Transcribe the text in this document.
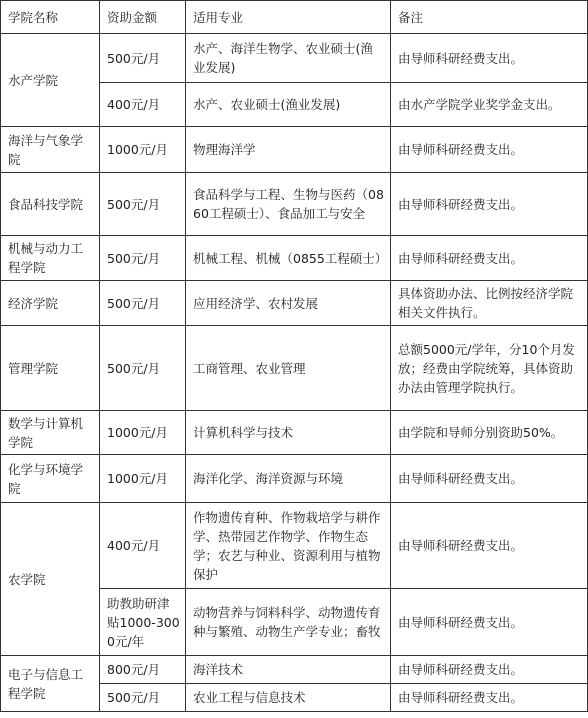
学院名称	资助金额	适用专业	备注
水产学院	500元/月	水产、海洋生物学、农业硕士(渔业发展)	由导师科研经费支出。
	400元/月	水产、农业硕士(渔业发展)	由水产学院学业奖学金支出。
海洋与气象学院	1000元/月	物理海洋学	由导师科研经费支出。
食品科技学院	500元/月	食品科学与工程、生物与医药（0860工程硕士）、食品加工与安全	由导师科研经费支出。
机械与动力工程学院	500元/月	机械工程、机械（0855工程硕士）	由导师科研经费支出。
经济学院	500元/月	应用经济学、农村发展	具体资助办法、比例按经济学院相关文件执行。
管理学院	500元/月	工商管理、农业管理	总额5000元/学年，分10个月发放；经费由学院统筹，具体资助办法由管理学院执行。
数学与计算机学院	1000元/月	计算机科学与技术	由学院和导师分别资助50%。
化学与环境学院	1000元/月	海洋化学、海洋资源与环境	由导师科研经费支出。
农学院	400元/月	作物遗传育种、作物栽培学与耕作学、热带园艺作物学、作物生态学；农艺与种业、资源利用与植物保护	由导师科研经费支出。
	助教助研津贴1000-3000元/年	动物营养与饲料科学、动物遗传育种与繁殖、动物生产学专业；畜牧	由导师科研经费支出。
电子与信息工程学院	800元/月	海洋技术	由导师科研经费支出。
	500元/月	农业工程与信息技术	由导师科研经费支出。
